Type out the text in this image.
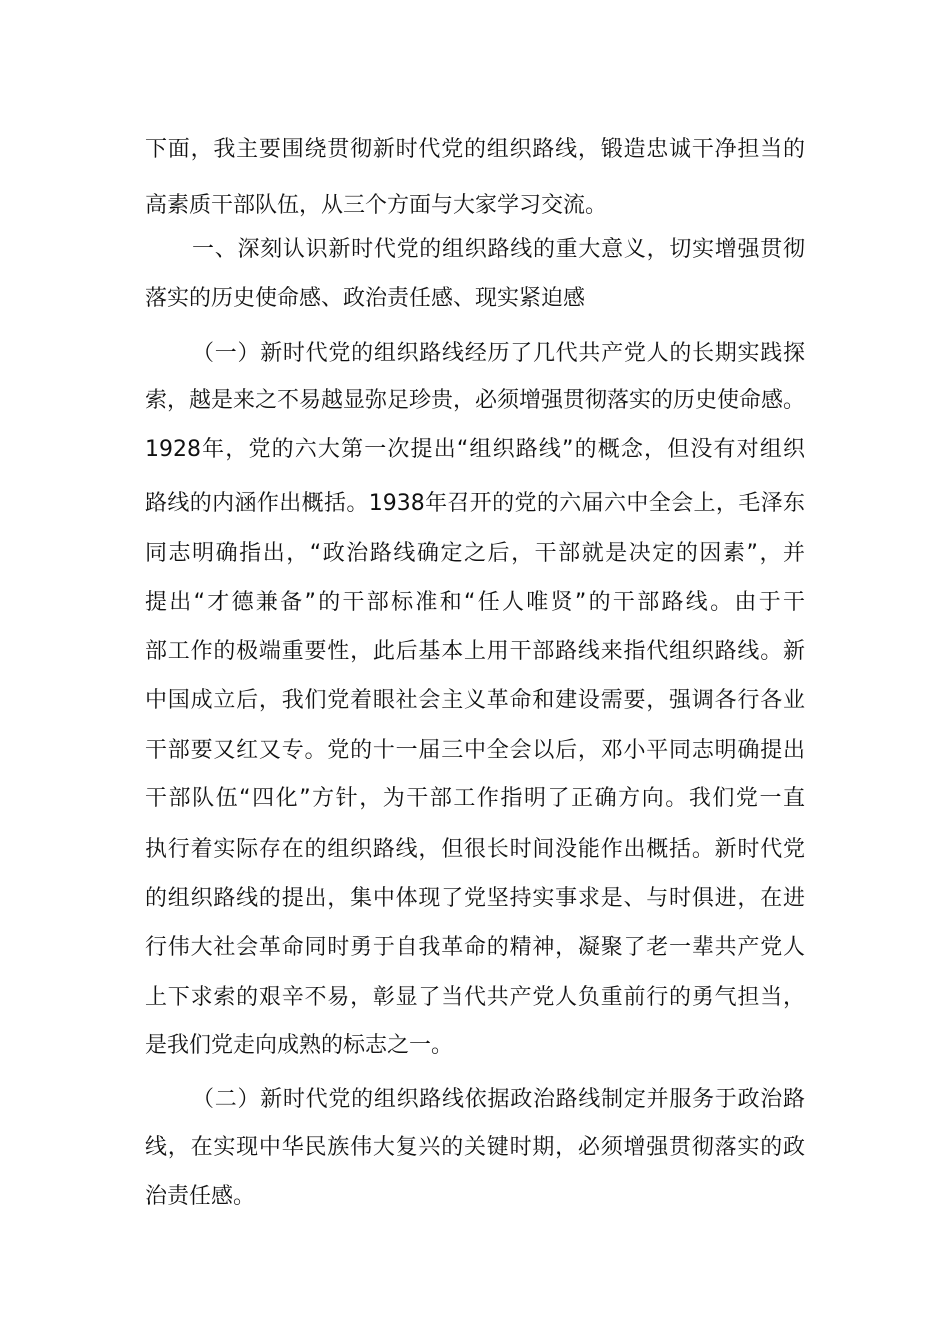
下面，我主要围绕贯彻新时代党的组织路线，锻造忠诚干净担当的
高素质干部队伍，从三个方面与大家学习交流。
一、深刻认识新时代党的组织路线的重大意义，切实增强贯彻
落实的历史使命感、政治责任感、现实紧迫感
（一）新时代党的组织路线经历了几代共产党人的长期实践探
索，越是来之不易越显弥足珍贵，必须增强贯彻落实的历史使命感。
1928年，党的六大第一次提出“组织路线”的概念，但没有对组织
路线的内涵作出概括。1938年召开的党的六届六中全会上，毛泽东
同志明确指出，“政治路线确定之后，干部就是决定的因素”，并
提出“才德兼备”的干部标准和“任人唯贤”的干部路线。由于干
部工作的极端重要性，此后基本上用干部路线来指代组织路线。新
中国成立后，我们党着眼社会主义革命和建设需要，强调各行各业
干部要又红又专。党的十一届三中全会以后，邓小平同志明确提出
干部队伍“四化”方针，为干部工作指明了正确方向。我们党一直
执行着实际存在的组织路线，但很长时间没能作出概括。新时代党
的组织路线的提出，集中体现了党坚持实事求是、与时俱进，在进
行伟大社会革命同时勇于自我革命的精神，凝聚了老一辈共产党人
上下求索的艰辛不易，彰显了当代共产党人负重前行的勇气担当，
是我们党走向成熟的标志之一。
（二）新时代党的组织路线依据政治路线制定并服务于政治路
线，在实现中华民族伟大复兴的关键时期，必须增强贯彻落实的政
治责任感。
